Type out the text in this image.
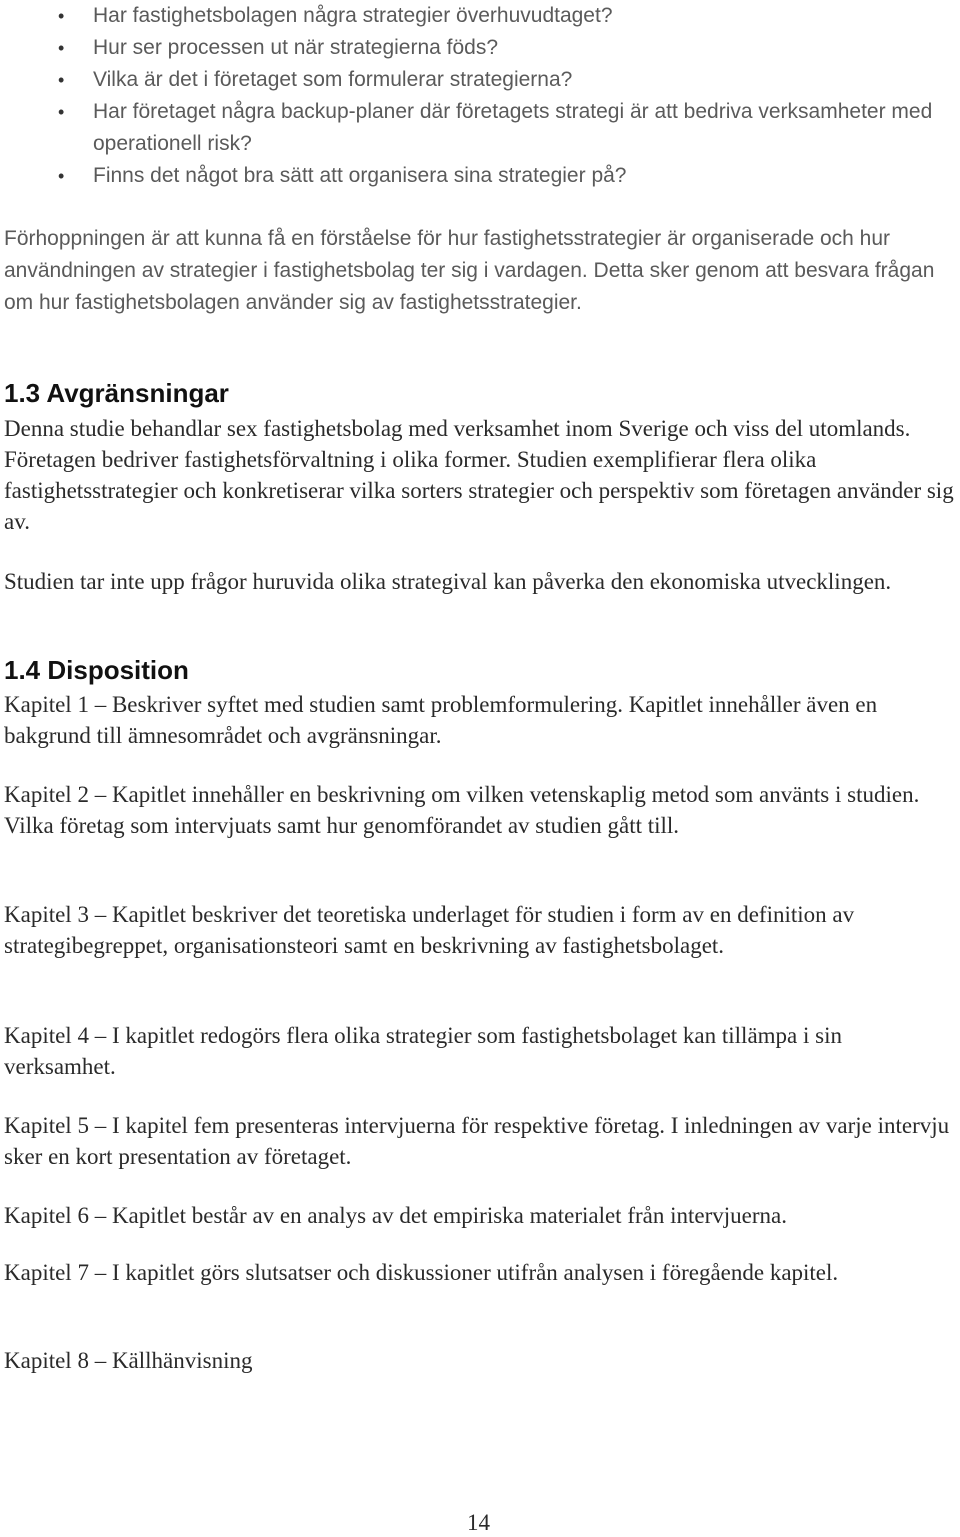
• Har fastighetsbolagen några strategier överhuvudtaget?
• Hur ser processen ut när strategierna föds?
• Vilka är det i företaget som formulerar strategierna?
• Har företaget några backup-planer där företagets strategi är att bedriva verksamheter med operationell risk?
• Finns det något bra sätt att organisera sina strategier på?

Förhoppningen är att kunna få en förståelse för hur fastighetsstrategier är organiserade och hur användningen av strategier i fastighetsbolag ter sig i vardagen. Detta sker genom att besvara frågan om hur fastighetsbolagen använder sig av fastighetsstrategier.

1.3 Avgränsningar

Denna studie behandlar sex fastighetsbolag med verksamhet inom Sverige och viss del utomlands. Företagen bedriver fastighetsförvaltning i olika former. Studien exemplifierar flera olika fastighetsstrategier och konkretiserar vilka sorters strategier och perspektiv som företagen använder sig av.

Studien tar inte upp frågor huruvida olika strategival kan påverka den ekonomiska utvecklingen.

1.4 Disposition

Kapitel 1 – Beskriver syftet med studien samt problemformulering. Kapitlet innehåller även en bakgrund till ämnesområdet och avgränsningar.

Kapitel 2 – Kapitlet innehåller en beskrivning om vilken vetenskaplig metod som använts i studien. Vilka företag som intervjuats samt hur genomförandet av studien gått till.

Kapitel 3 – Kapitlet beskriver det teoretiska underlaget för studien i form av en definition av strategibegreppet, organisationsteori samt en beskrivning av fastighetsbolaget.

Kapitel 4 – I kapitlet redogörs flera olika strategier som fastighetsbolaget kan tillämpa i sin verksamhet.

Kapitel 5 – I kapitel fem presenteras intervjuerna för respektive företag. I inledningen av varje intervju sker en kort presentation av företaget.

Kapitel 6 – Kapitlet består av en analys av det empiriska materialet från intervjuerna.

Kapitel 7 – I kapitlet görs slutsatser och diskussioner utifrån analysen i föregående kapitel.

Kapitel 8 – Källhänvisning

14
